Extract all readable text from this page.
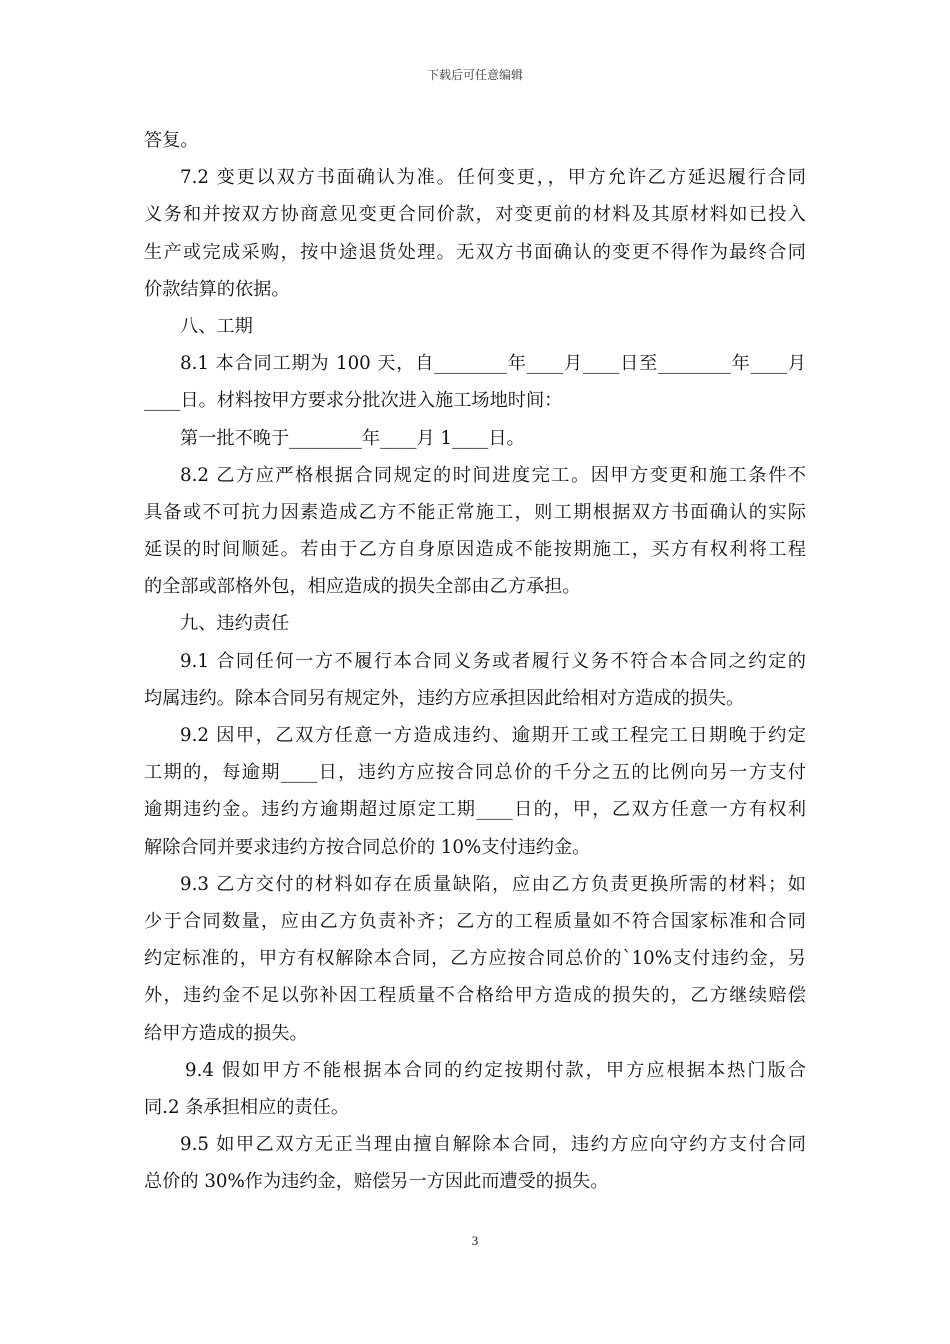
下载后可任意编辑
答复。
7.2 变更以双方书面确认为准。任何变更，，甲方允许乙方延迟履行合同
义务和并按双方协商意见变更合同价款，对变更前的材料及其原材料如已投入
生产或完成采购，按中途退货处理。无双方书面确认的变更不得作为最终合同
价款结算的依据。
八、工期
8.1 本合同工期为 100 天，自________年____月____日至________年____月
____日。材料按甲方要求分批次进入施工场地时间：
第一批不晚于________年____月 1____日。
8.2 乙方应严格根据合同规定的时间进度完工。因甲方变更和施工条件不
具备或不可抗力因素造成乙方不能正常施工，则工期根据双方书面确认的实际
延误的时间顺延。若由于乙方自身原因造成不能按期施工，买方有权利将工程
的全部或部格外包，相应造成的损失全部由乙方承担。
九、违约责任
9.1 合同任何一方不履行本合同义务或者履行义务不符合本合同之约定的
均属违约。除本合同另有规定外，违约方应承担因此给相对方造成的损失。
9.2 因甲，乙双方任意一方造成违约、逾期开工或工程完工日期晚于约定
工期的，每逾期____日，违约方应按合同总价的千分之五的比例向另一方支付
逾期违约金。违约方逾期超过原定工期____日的，甲，乙双方任意一方有权利
解除合同并要求违约方按合同总价的 10%支付违约金。
9.3 乙方交付的材料如存在质量缺陷，应由乙方负责更换所需的材料；如
少于合同数量，应由乙方负责补齐；乙方的工程质量如不符合国家标准和合同
约定标准的，甲方有权解除本合同，乙方应按合同总价的`10%支付违约金，另
外，违约金不足以弥补因工程质量不合格给甲方造成的损失的，乙方继续赔偿
给甲方造成的损失。
9.4 假如甲方不能根据本合同的约定按期付款，甲方应根据本热门版合
同.2 条承担相应的责任。
9.5 如甲乙双方无正当理由擅自解除本合同，违约方应向守约方支付合同
总价的 30%作为违约金，赔偿另一方因此而遭受的损失。
3
